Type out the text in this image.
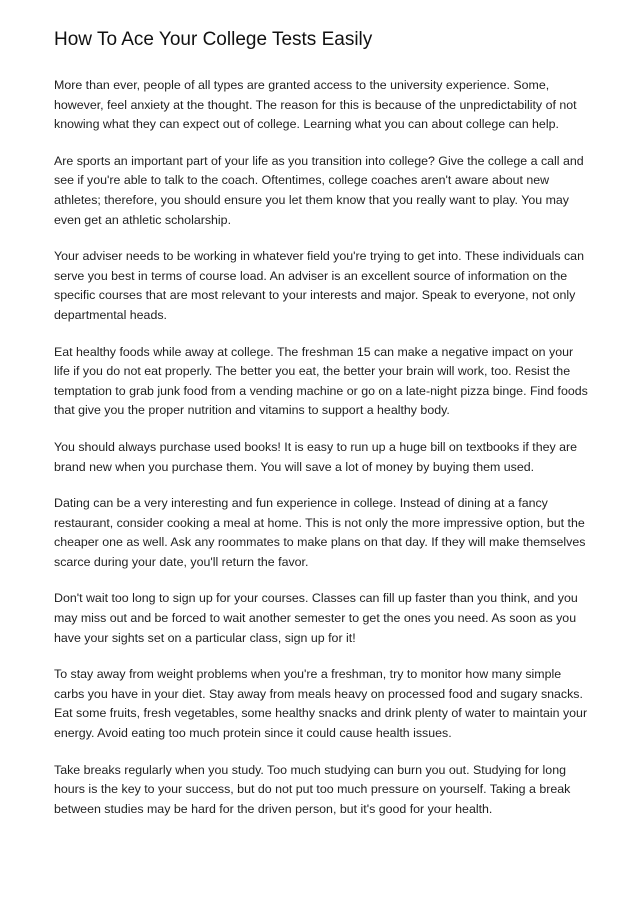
How To Ace Your College Tests Easily

More than ever, people of all types are granted access to the university experience. Some, however, feel anxiety at the thought. The reason for this is because of the unpredictability of not knowing what they can expect out of college. Learning what you can about college can help.

Are sports an important part of your life as you transition into college? Give the college a call and see if you're able to talk to the coach. Oftentimes, college coaches aren't aware about new athletes; therefore, you should ensure you let them know that you really want to play. You may even get an athletic scholarship.

Your adviser needs to be working in whatever field you're trying to get into. These individuals can serve you best in terms of course load. An adviser is an excellent source of information on the specific courses that are most relevant to your interests and major. Speak to everyone, not only departmental heads.

Eat healthy foods while away at college. The freshman 15 can make a negative impact on your life if you do not eat properly. The better you eat, the better your brain will work, too. Resist the temptation to grab junk food from a vending machine or go on a late-night pizza binge. Find foods that give you the proper nutrition and vitamins to support a healthy body.

You should always purchase used books! It is easy to run up a huge bill on textbooks if they are brand new when you purchase them. You will save a lot of money by buying them used.

Dating can be a very interesting and fun experience in college. Instead of dining at a fancy restaurant, consider cooking a meal at home. This is not only the more impressive option, but the cheaper one as well. Ask any roommates to make plans on that day. If they will make themselves scarce during your date, you'll return the favor.

Don't wait too long to sign up for your courses. Classes can fill up faster than you think, and you may miss out and be forced to wait another semester to get the ones you need. As soon as you have your sights set on a particular class, sign up for it!

To stay away from weight problems when you're a freshman, try to monitor how many simple carbs you have in your diet. Stay away from meals heavy on processed food and sugary snacks. Eat some fruits, fresh vegetables, some healthy snacks and drink plenty of water to maintain your energy. Avoid eating too much protein since it could cause health issues.

Take breaks regularly when you study. Too much studying can burn you out. Studying for long hours is the key to your success, but do not put too much pressure on yourself. Taking a break between studies may be hard for the driven person, but it's good for your health.
